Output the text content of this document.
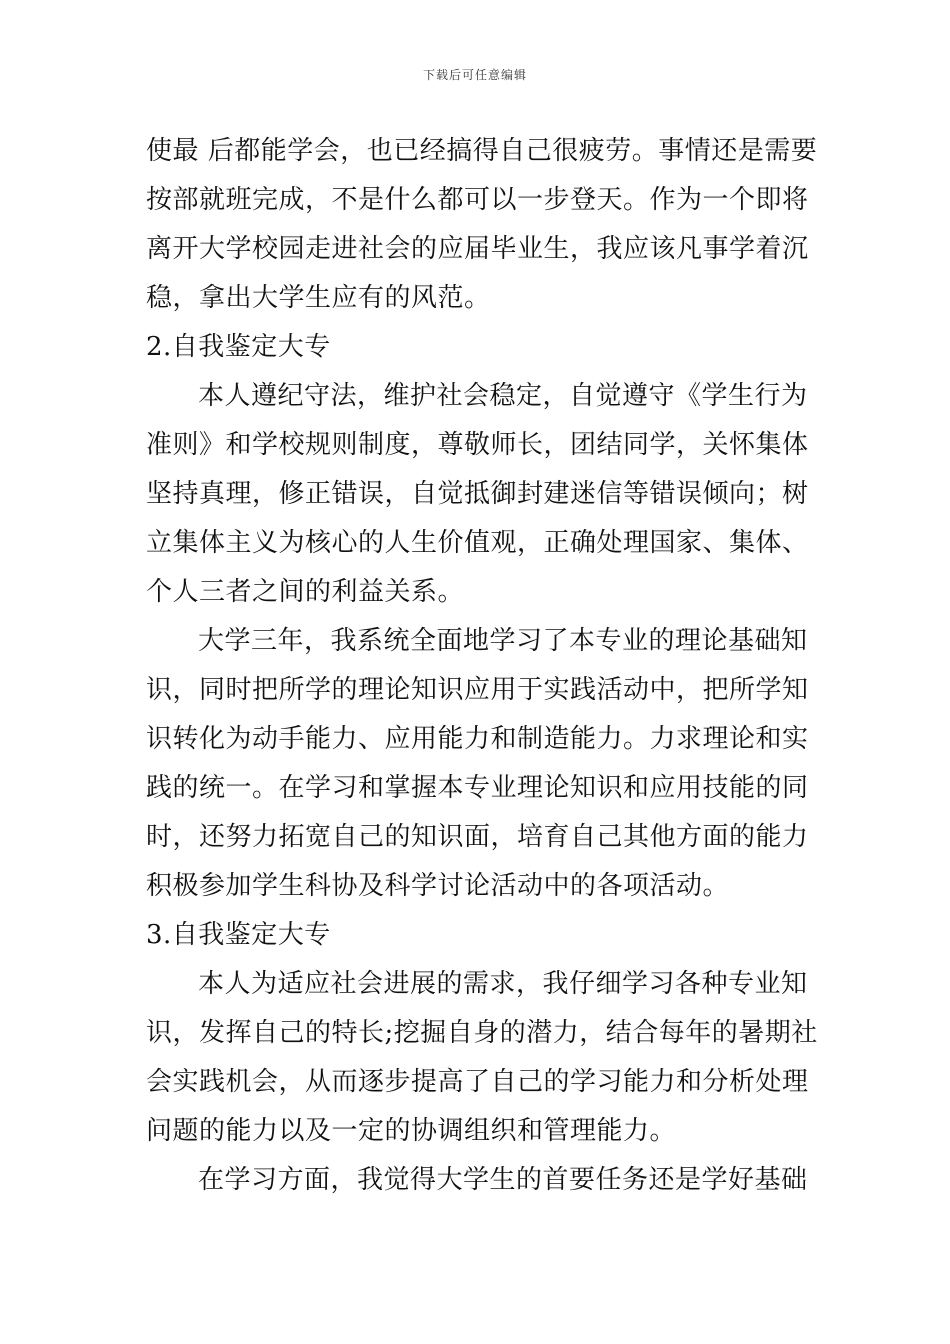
下载后可任意编辑
使最 后都能学会，也已经搞得自己很疲劳。事情还是需要
按部就班完成，不是什么都可以一步登天。作为一个即将
离开大学校园走进社会的应届毕业生，我应该凡事学着沉
稳，拿出大学生应有的风范。
2.自我鉴定大专
本人遵纪守法，维护社会稳定，自觉遵守《学生行为
准则》和学校规则制度，尊敬师长，团结同学，关怀集体
坚持真理，修正错误，自觉抵御封建迷信等错误倾向；树
立集体主义为核心的人生价值观，正确处理国家、集体、
个人三者之间的利益关系。
大学三年，我系统全面地学习了本专业的理论基础知
识，同时把所学的理论知识应用于实践活动中，把所学知
识转化为动手能力、应用能力和制造能力。力求理论和实
践的统一。在学习和掌握本专业理论知识和应用技能的同
时，还努力拓宽自己的知识面，培育自己其他方面的能力
积极参加学生科协及科学讨论活动中的各项活动。
3.自我鉴定大专
本人为适应社会进展的需求，我仔细学习各种专业知
识，发挥自己的特长;挖掘自身的潜力，结合每年的暑期社
会实践机会，从而逐步提高了自己的学习能力和分析处理
问题的能力以及一定的协调组织和管理能力。
在学习方面，我觉得大学生的首要任务还是学好基础
